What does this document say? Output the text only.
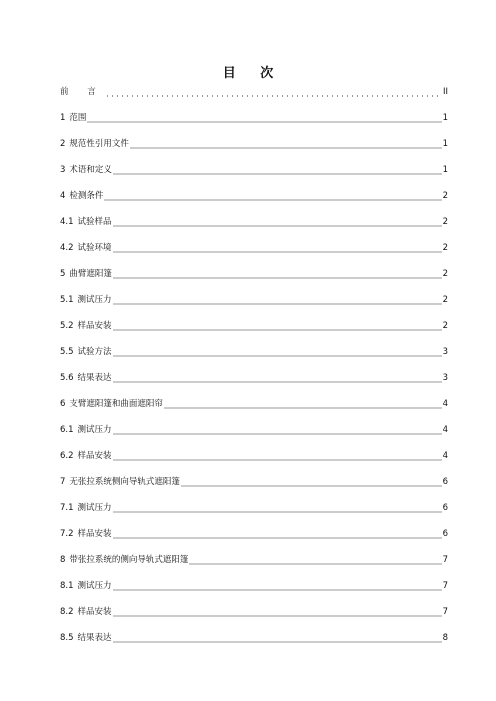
目 次
前 言	II
1 范围	1
2 规范性引用文件	1
3 术语和定义	1
4 检测条件	2
4.1 试验样品	2
4.2 试验环境	2
5 曲臂遮阳篷	2
5.1 测试压力	2
5.2 样品安装	2
5.5 试验方法	3
5.6 结果表达	3
6 支臂遮阳篷和曲面遮阳帘	4
6.1 测试压力	4
6.2 样品安装	4
7 无张拉系统侧向导轨式遮阳篷	6
7.1 测试压力	6
7.2 样品安装	6
8 带张拉系统的侧向导轨式遮阳篷	7
8.1 测试压力	7
8.2 样品安装	7
8.5 结果表达	8
